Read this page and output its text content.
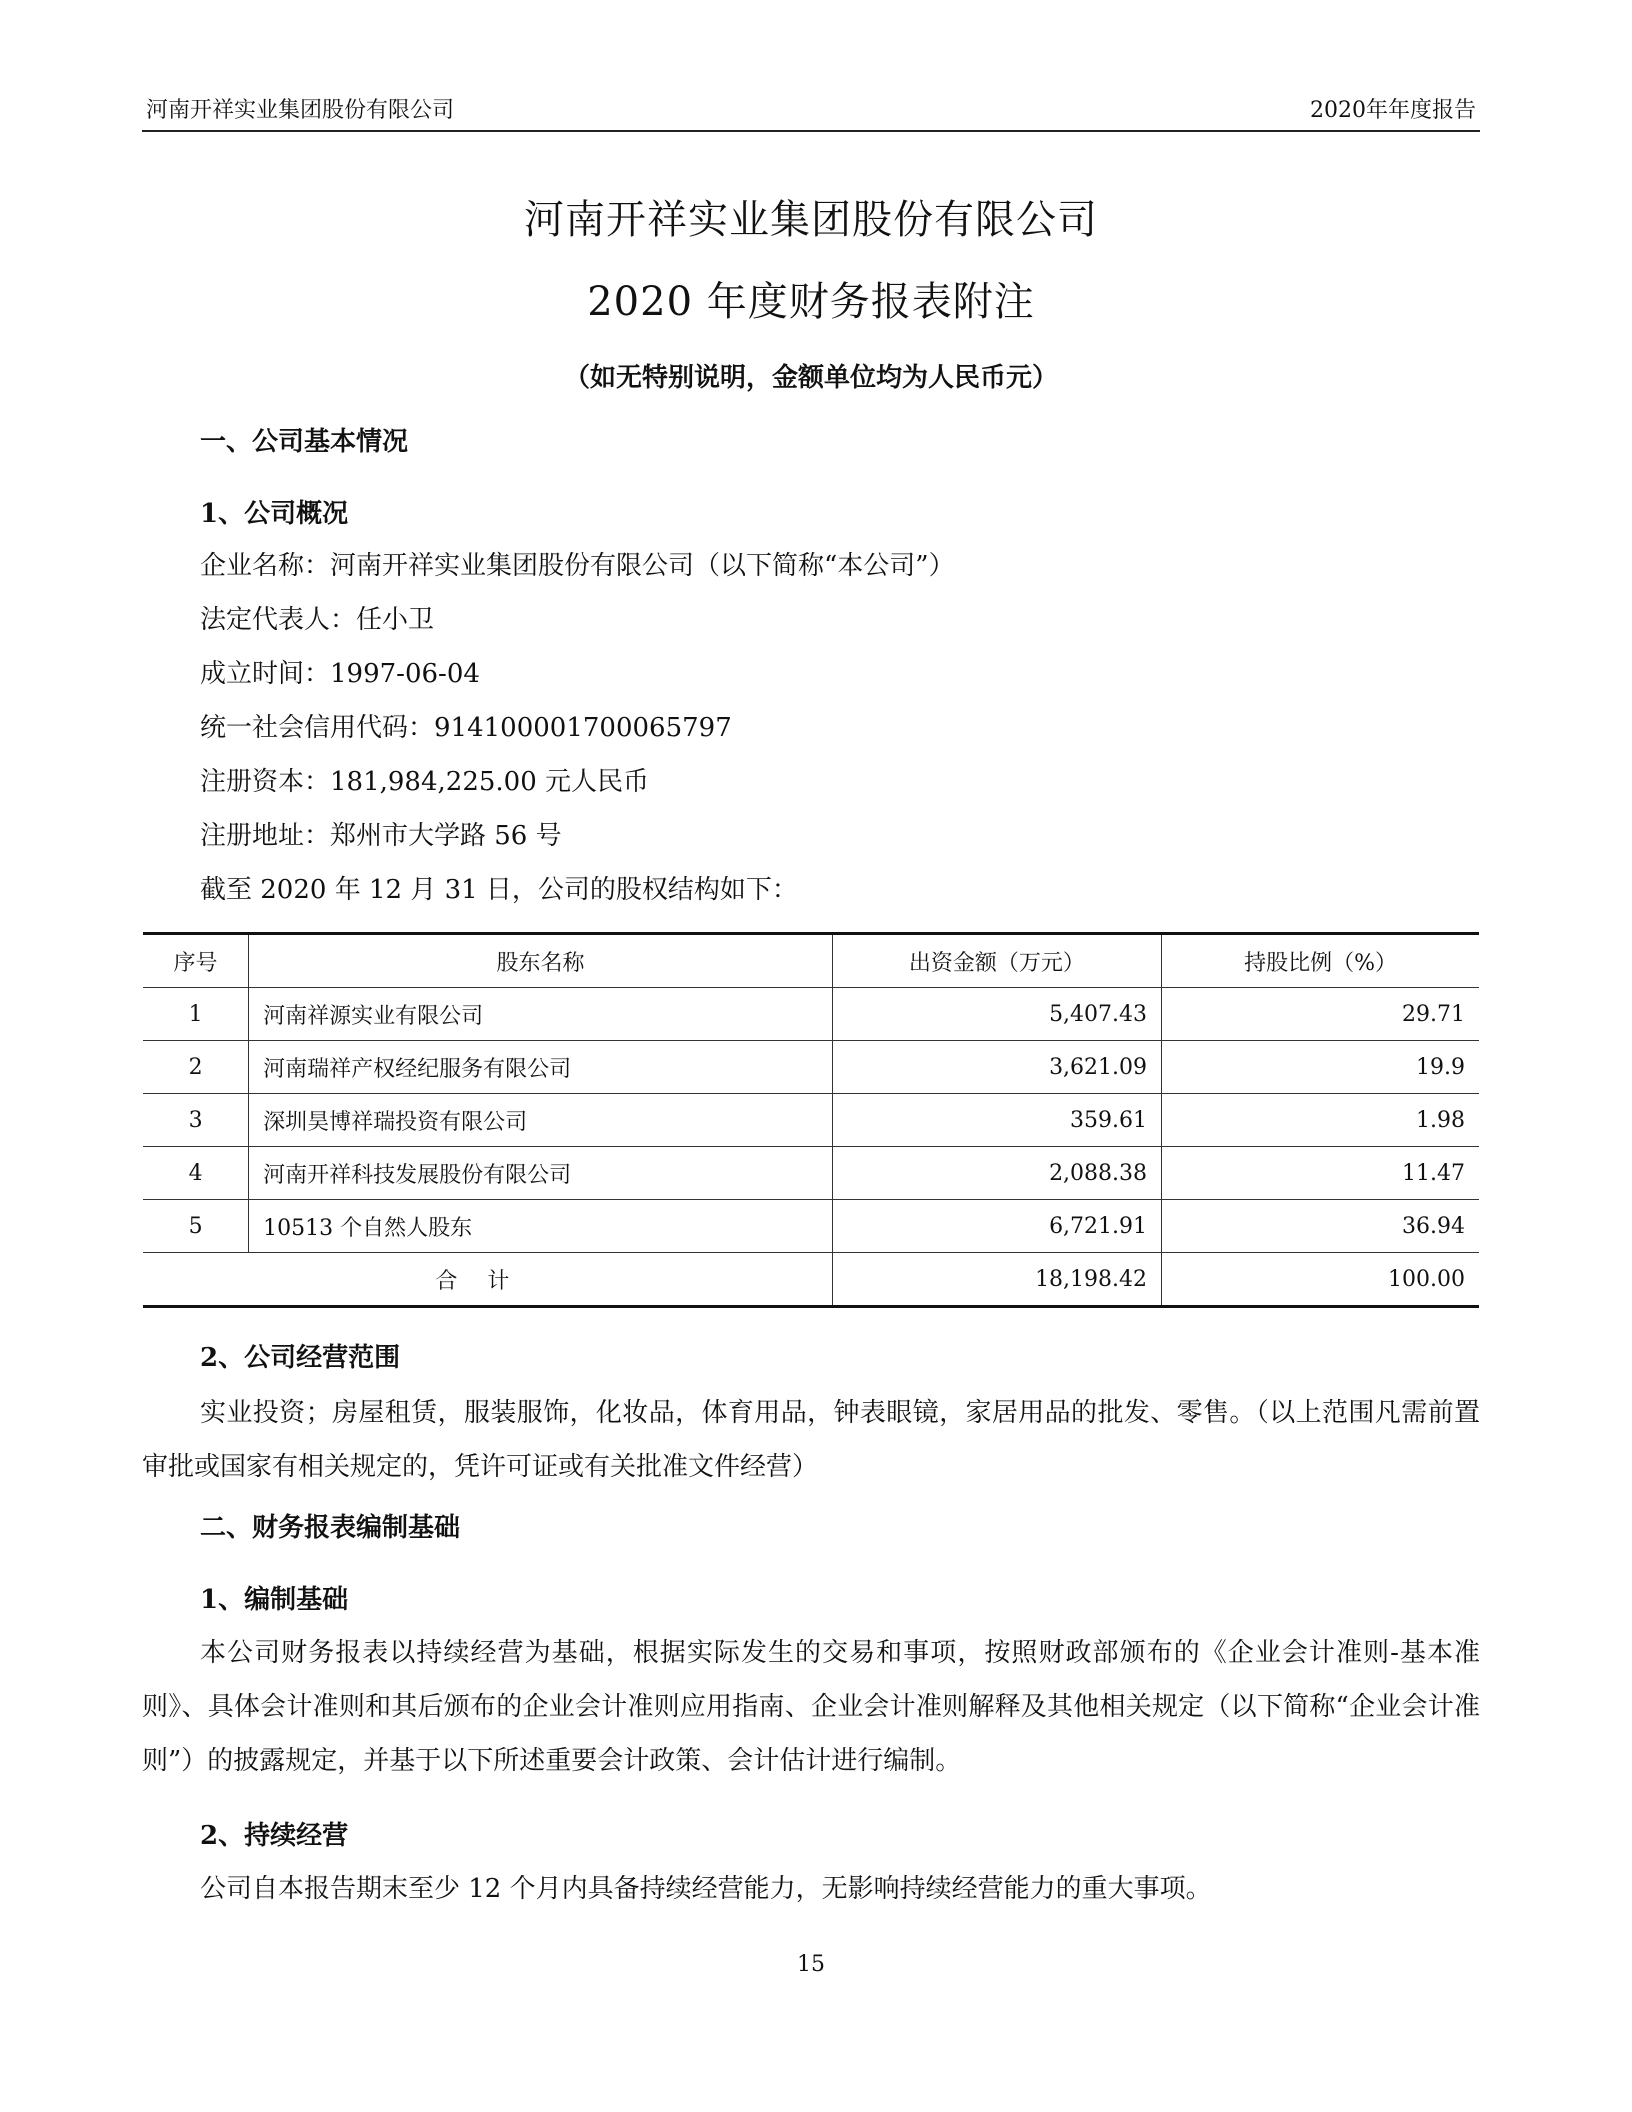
河南开祥实业集团股份有限公司	2020年年度报告
河南开祥实业集团股份有限公司
2020 年度财务报表附注
（如无特别说明，金额单位均为人民币元）
一、公司基本情况
1、公司概况
企业名称：河南开祥实业集团股份有限公司（以下简称“本公司”）
法定代表人：任小卫
成立时间：1997-06-04
统一社会信用代码：914100001700065797
注册资本：181,984,225.00 元人民币
注册地址：郑州市大学路 56 号
截至 2020 年 12 月 31 日，公司的股权结构如下：
序号	股东名称	出资金额（万元）	持股比例（%）
1	河南祥源实业有限公司	5,407.43	29.71
2	河南瑞祥产权经纪服务有限公司	3,621.09	19.9
3	深圳昊博祥瑞投资有限公司	359.61	1.98
4	河南开祥科技发展股份有限公司	2,088.38	11.47
5	10513 个自然人股东	6,721.91	36.94
合计		18,198.42	100.00
2、公司经营范围
实业投资；房屋租赁，服装服饰，化妆品，体育用品，钟表眼镜，家居用品的批发、零售。（以上范围凡需前置审批或国家有相关规定的，凭许可证或有关批准文件经营）
二、财务报表编制基础
1、编制基础
本公司财务报表以持续经营为基础，根据实际发生的交易和事项，按照财政部颁布的《企业会计准则-基本准则》、具体会计准则和其后颁布的企业会计准则应用指南、企业会计准则解释及其他相关规定（以下简称“企业会计准则”）的披露规定，并基于以下所述重要会计政策、会计估计进行编制。
2、持续经营
公司自本报告期末至少 12 个月内具备持续经营能力，无影响持续经营能力的重大事项。
15
